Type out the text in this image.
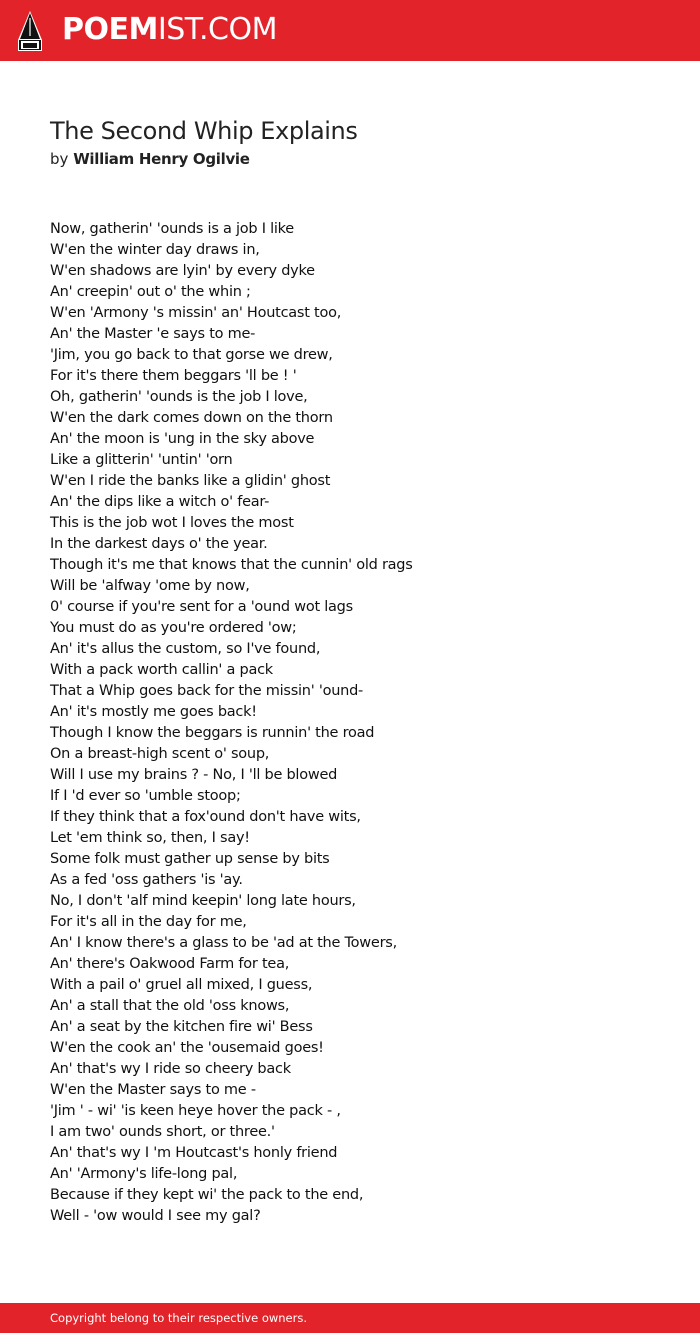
POEMIST.COM
The Second Whip Explains
by William Henry Ogilvie
Now, gatherin' 'ounds is a job I like
W'en the winter day draws in,
W'en shadows are lyin' by every dyke
An' creepin' out o' the whin ;
W'en 'Armony 's missin' an' Houtcast too,
An' the Master 'e says to me-
'Jim, you go back to that gorse we drew,
For it's there them beggars 'll be ! '
Oh, gatherin' 'ounds is the job I love,
W'en the dark comes down on the thorn
An' the moon is 'ung in the sky above
Like a glitterin' 'untin' 'orn
W'en I ride the banks like a glidin' ghost
An' the dips like a witch o' fear-
This is the job wot I loves the most
In the darkest days o' the year.
Though it's me that knows that the cunnin' old rags
Will be 'alfway 'ome by now,
0' course if you're sent for a 'ound wot lags
You must do as you're ordered 'ow;
An' it's allus the custom, so I've found,
With a pack worth callin' a pack
That a Whip goes back for the missin' 'ound-
An' it's mostly me goes back!
Though I know the beggars is runnin' the road
On a breast-high scent o' soup,
Will I use my brains ? - No, I 'll be blowed
If I 'd ever so 'umble stoop;
If they think that a fox'ound don't have wits,
Let 'em think so, then, I say!
Some folk must gather up sense by bits
As a fed 'oss gathers 'is 'ay.
No, I don't 'alf mind keepin' long late hours,
For it's all in the day for me,
An' I know there's a glass to be 'ad at the Towers,
An' there's Oakwood Farm for tea,
With a pail o' gruel all mixed, I guess,
An' a stall that the old 'oss knows,
An' a seat by the kitchen fire wi' Bess
W'en the cook an' the 'ousemaid goes!
An' that's wy I ride so cheery back
W'en the Master says to me -
'Jim ' - wi' 'is keen heye hover the pack - ,
I am two' ounds short, or three.'
An' that's wy I 'm Houtcast's honly friend
An' 'Armony's life-long pal,
Because if they kept wi' the pack to the end,
Well - 'ow would I see my gal?
Copyright belong to their respective owners.
